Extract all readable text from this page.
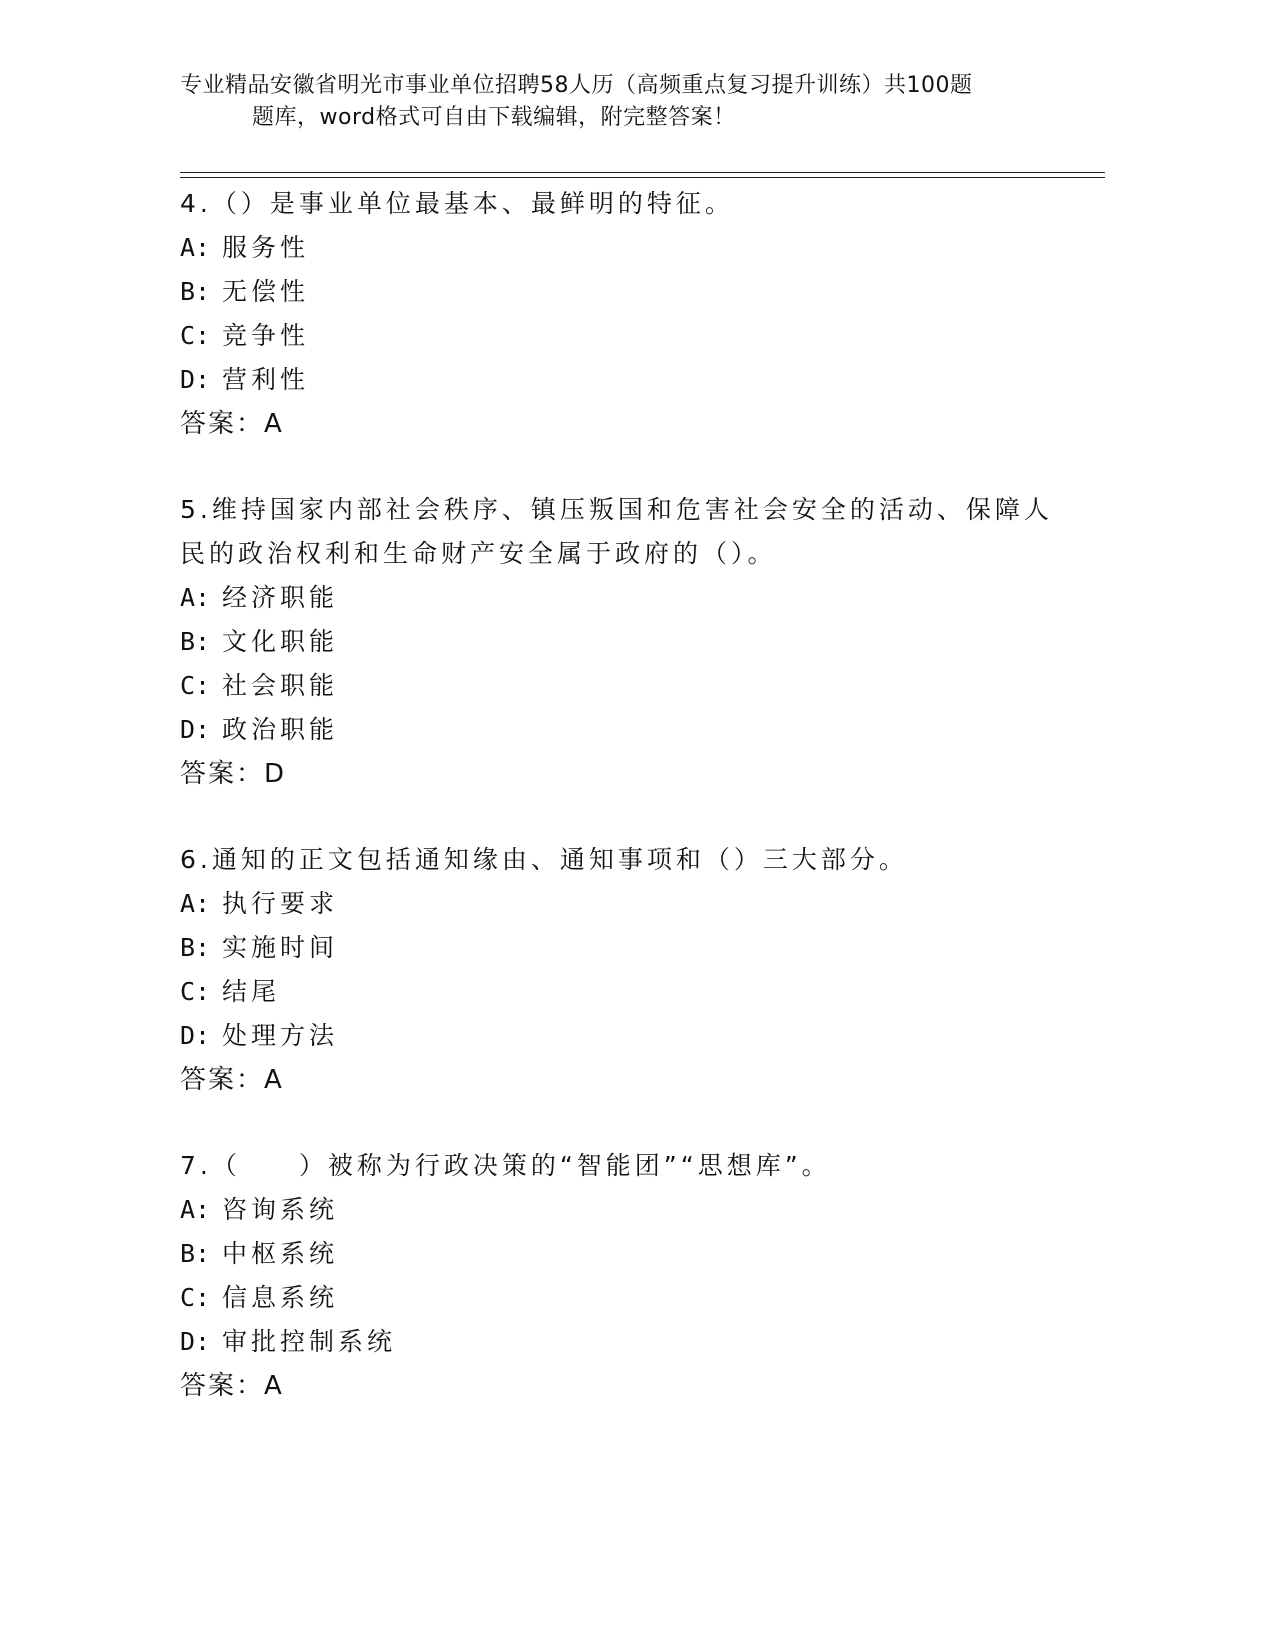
专业精品安徽省明光市事业单位招聘58人历（高频重点复习提升训练）共100题
题库，word格式可自由下载编辑，附完整答案！
4.（）是事业单位最基本、最鲜明的特征。
A: 服务性
B: 无偿性
C: 竞争性
D: 营利性
答案：A
5.维持国家内部社会秩序、镇压叛国和危害社会安全的活动、保障人民的政治权利和生命财产安全属于政府的（）。
A: 经济职能
B: 文化职能
C: 社会职能
D: 政治职能
答案：D
6.通知的正文包括通知缘由、通知事项和（）三大部分。
A: 执行要求
B: 实施时间
C: 结尾
D: 处理方法
答案：A
7.（　　）被称为行政决策的“智能团”“思想库”。
A: 咨询系统
B: 中枢系统
C: 信息系统
D: 审批控制系统
答案：A
